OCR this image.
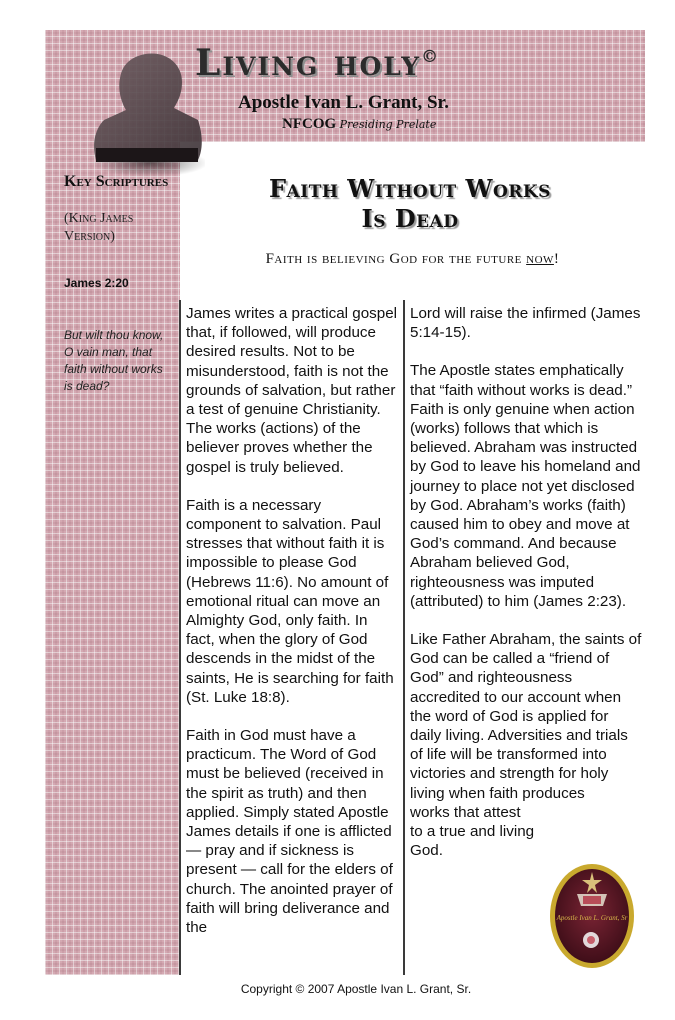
Living holy©
Apostle Ivan L. Grant, Sr.
NFCOG Presiding Prelate
Key Scriptures
(King James Version)
James 2:20
But wilt thou know, O vain man, that faith without works is dead?
Faith Without Works
Is Dead
Faith is believing God for the future now!

James writes a practical gospel that, if followed, will produce desired results. Not to be misunderstood, faith is not the grounds of salvation, but rather a test of genuine Christianity. The works (actions) of the believer proves whether the gospel is truly believed.

Faith is a necessary component to salvation. Paul stresses that without faith it is impossible to please God (Hebrews 11:6). No amount of emotional ritual can move an Almighty God, only faith. In fact, when the glory of God descends in the midst of the saints, He is searching for faith (St. Luke 18:8).

Faith in God must have a practicum. The Word of God must be believed (received in the spirit as truth) and then applied. Simply stated Apostle James details if one is afflicted — pray and if sickness is present — call for the elders of church. The anointed prayer of faith will bring deliverance and the

Lord will raise the infirmed (James 5:14-15).

The Apostle states emphatically that “faith without works is dead.” Faith is only genuine when action (works) follows that which is believed. Abraham was instructed by God to leave his homeland and journey to place not yet disclosed by God. Abraham’s works (faith) caused him to obey and move at God’s command. And because Abraham believed God, righteousness was imputed (attributed) to him (James 2:23).

Like Father Abraham, the saints of God can be called a “friend of God” and righteousness accredited to our account when the word of God is applied for daily living. Adversities and trials of life will be transformed into victories and strength for holy living when faith produces

works that attest to a true and living God.

Apostle Ivan L. Grant, Sr
Copyright © 2007 Apostle Ivan L. Grant, Sr.
